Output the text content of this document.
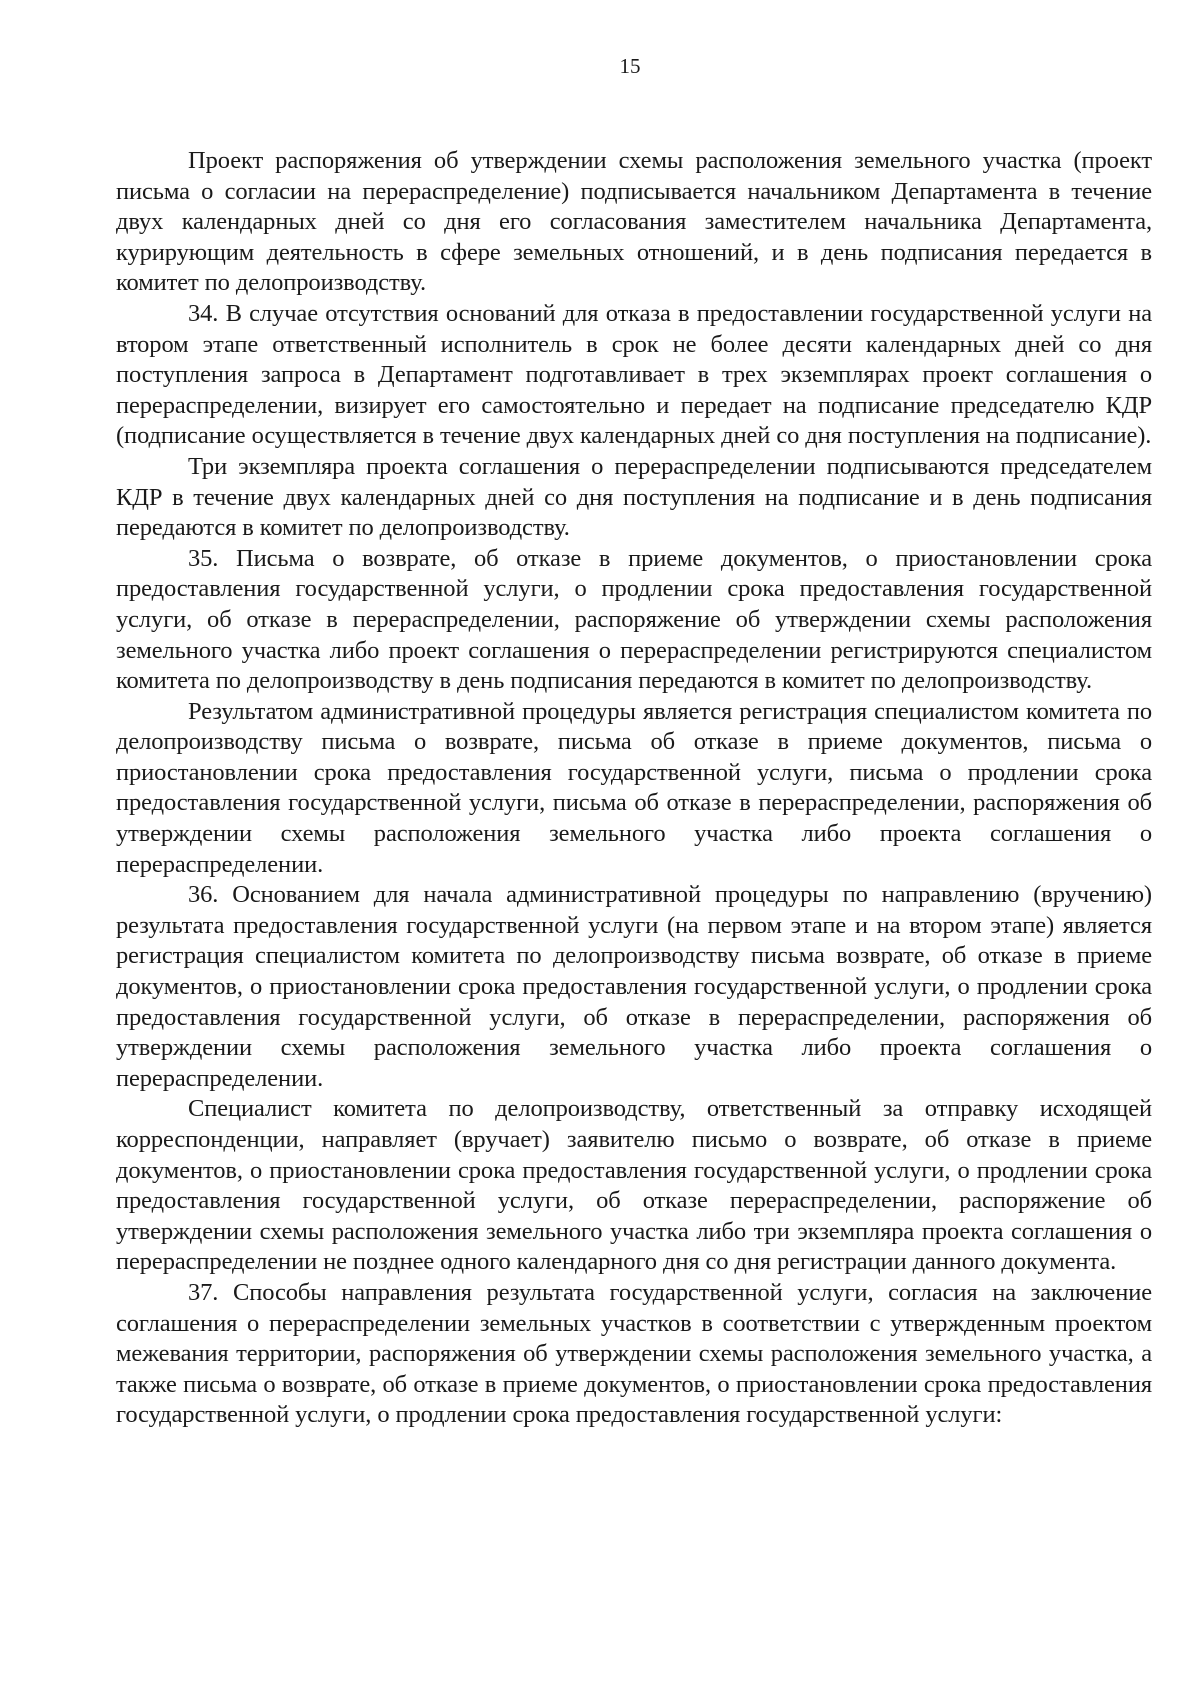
15

Проект распоряжения об утверждении схемы расположения земельного участка (проект письма о согласии на перераспределение) подписывается начальником Департамента в течение двух календарных дней со дня его согласования заместителем начальника Департамента, курирующим деятельность в сфере земельных отношений, и в день подписания передается в комитет по делопроизводству.

34. В случае отсутствия оснований для отказа в предоставлении государственной услуги на втором этапе ответственный исполнитель в срок не более десяти календарных дней со дня поступления запроса в Департамент подготавливает в трех экземплярах проект соглашения о перераспределении, визирует его самостоятельно и передает на подписание председателю КДР (подписание осуществляется в течение двух календарных дней со дня поступления на подписание).

Три экземпляра проекта соглашения о перераспределении подписываются председателем КДР в течение двух календарных дней со дня поступления на подписание и в день подписания передаются в комитет по делопроизводству.

35. Письма о возврате, об отказе в приеме документов, о приостановлении срока предоставления государственной услуги, о продлении срока предоставления государственной услуги, об отказе в перераспределении, распоряжение об утверждении схемы расположения земельного участка либо проект соглашения о перераспределении регистрируются специалистом комитета по делопроизводству в день подписания передаются в комитет по делопроизводству.

Результатом административной процедуры является регистрация специалистом комитета по делопроизводству письма о возврате, письма об отказе в приеме документов, письма о приостановлении срока предоставления государственной услуги, письма о продлении срока предоставления государственной услуги, письма об отказе в перераспределении, распоряжения об утверждении схемы расположения земельного участка либо проекта соглашения о перераспределении.

36. Основанием для начала административной процедуры по направлению (вручению) результата предоставления государственной услуги (на первом этапе и на втором этапе) является регистрация специалистом комитета по делопроизводству письма возврате, об отказе в приеме документов, о приостановлении срока предоставления государственной услуги, о продлении срока предоставления государственной услуги, об отказе в перераспределении, распоряжения об утверждении схемы расположения земельного участка либо проекта соглашения о перераспределении.

Специалист комитета по делопроизводству, ответственный за отправку исходящей корреспонденции, направляет (вручает) заявителю письмо о возврате, об отказе в приеме документов, о приостановлении срока предоставления государственной услуги, о продлении срока предоставления государственной услуги, об отказе перераспределении, распоряжение об утверждении схемы расположения земельного участка либо три экземпляра проекта соглашения о перераспределении не позднее одного календарного дня со дня регистрации данного документа.

37. Способы направления результата государственной услуги, согласия на заключение соглашения о перераспределении земельных участков в соответствии с утвержденным проектом межевания территории, распоряжения об утверждении схемы расположения земельного участка, а также письма о возврате, об отказе в приеме документов, о приостановлении срока предоставления государственной услуги, о продлении срока предоставления государственной услуги:
